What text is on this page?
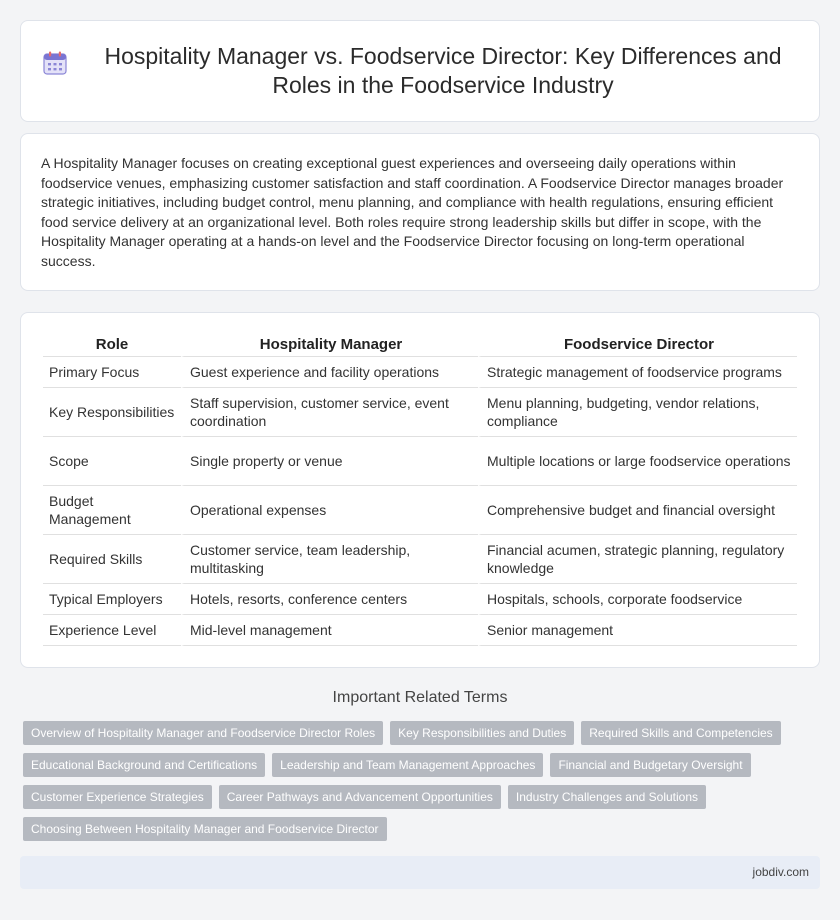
Hospitality Manager vs. Foodservice Director: Key Differences and Roles in the Foodservice Industry

A Hospitality Manager focuses on creating exceptional guest experiences and overseeing daily operations within foodservice venues, emphasizing customer satisfaction and staff coordination. A Foodservice Director manages broader strategic initiatives, including budget control, menu planning, and compliance with health regulations, ensuring efficient food service delivery at an organizational level. Both roles require strong leadership skills but differ in scope, with the Hospitality Manager operating at a hands-on level and the Foodservice Director focusing on long-term operational success.

Role	Hospitality Manager	Foodservice Director
Primary Focus	Guest experience and facility operations	Strategic management of foodservice programs
Key Responsibilities	Staff supervision, customer service, event coordination	Menu planning, budgeting, vendor relations, compliance
Scope	Single property or venue	Multiple locations or large foodservice operations
Budget Management	Operational expenses	Comprehensive budget and financial oversight
Required Skills	Customer service, team leadership, multitasking	Financial acumen, strategic planning, regulatory knowledge
Typical Employers	Hotels, resorts, conference centers	Hospitals, schools, corporate foodservice
Experience Level	Mid-level management	Senior management
Important Related Terms
Overview of Hospitality Manager and Foodservice Director Roles	Key Responsibilities and Duties	Required Skills and Competencies
Educational Background and Certifications	Leadership and Team Management Approaches	Financial and Budgetary Oversight
Customer Experience Strategies	Career Pathways and Advancement Opportunities	Industry Challenges and Solutions
Choosing Between Hospitality Manager and Foodservice Director
jobdiv.com
